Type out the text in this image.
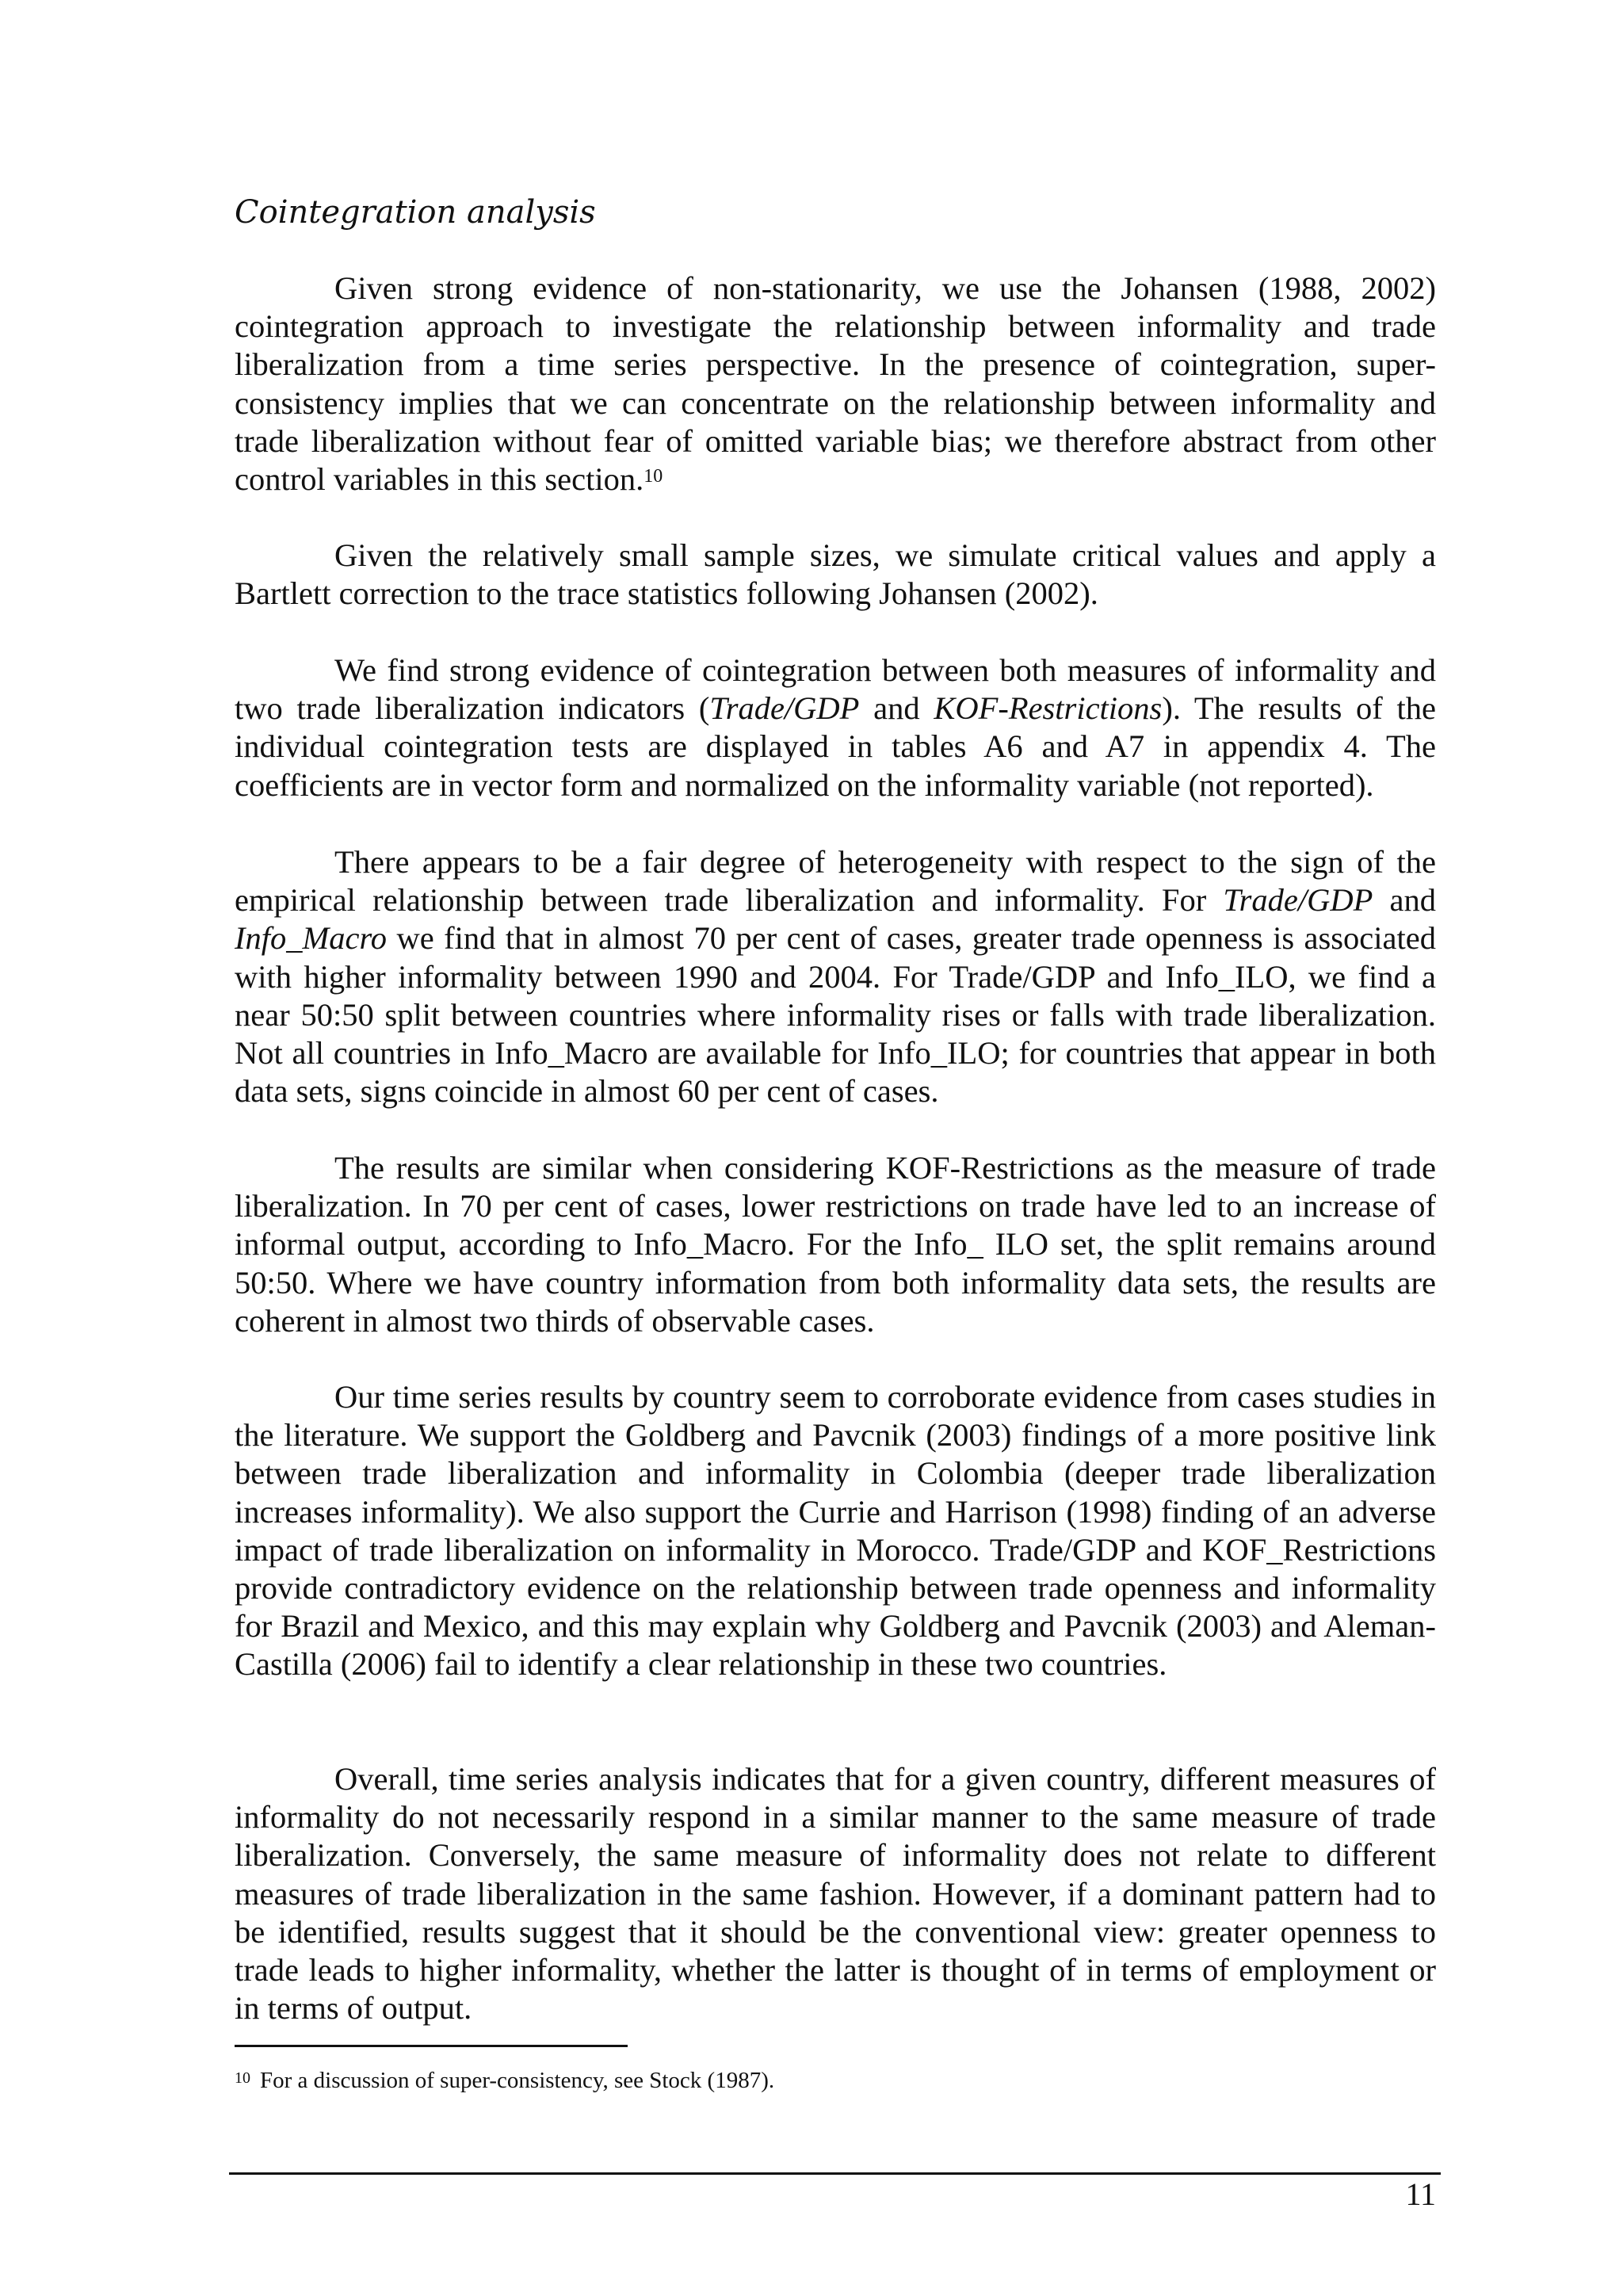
Cointegration analysis

Given strong evidence of non-stationarity, we use the Johansen (1988, 2002) cointegration approach to investigate the relationship between informality and trade liberalization from a time series perspective. In the presence of cointegration, super-consistency implies that we can concentrate on the relationship between informality and trade liberalization without fear of omitted variable bias; we therefore abstract from other control variables in this section.$^{10}$

Given the relatively small sample sizes, we simulate critical values and apply a Bartlett correction to the trace statistics following Johansen (2002).

We find strong evidence of cointegration between both measures of informality and two trade liberalization indicators (Trade/GDP and KOF-Restrictions). The results of the individual cointegration tests are displayed in tables A6 and A7 in appendix 4. The coefficients are in vector form and normalized on the informality variable (not reported).

There appears to be a fair degree of heterogeneity with respect to the sign of the empirical relationship between trade liberalization and informality. For Trade/GDP and Info_Macro we find that in almost 70 per cent of cases, greater trade openness is associated with higher informality between 1990 and 2004. For Trade/GDP and Info_ILO, we find a near 50:50 split between countries where informality rises or falls with trade liberalization. Not all countries in Info_Macro are available for Info_ILO; for countries that appear in both data sets, signs coincide in almost 60 per cent of cases.

The results are similar when considering KOF-Restrictions as the measure of trade liberalization. In 70 per cent of cases, lower restrictions on trade have led to an increase of informal output, according to Info_Macro. For the Info_ ILO set, the split remains around 50:50. Where we have country information from both informality data sets, the results are coherent in almost two thirds of observable cases.

Our time series results by country seem to corroborate evidence from cases studies in the literature. We support the Goldberg and Pavcnik (2003) findings of a more positive link between trade liberalization and informality in Colombia (deeper trade liberalization increases informality). We also support the Currie and Harrison (1998) finding of an adverse impact of trade liberalization on informality in Morocco. Trade/GDP and KOF_Restrictions provide contradictory evidence on the relationship between trade openness and informality for Brazil and Mexico, and this may explain why Goldberg and Pavcnik (2003) and Aleman-Castilla (2006) fail to identify a clear relationship in these two countries.

Overall, time series analysis indicates that for a given country, different measures of informality do not necessarily respond in a similar manner to the same measure of trade liberalization. Conversely, the same measure of informality does not relate to different measures of trade liberalization in the same fashion. However, if a dominant pattern had to be identified, results suggest that it should be the conventional view: greater openness to trade leads to higher informality, whether the latter is thought of in terms of employment or in terms of output.

$^{10}$ For a discussion of super-consistency, see Stock (1987).

11
